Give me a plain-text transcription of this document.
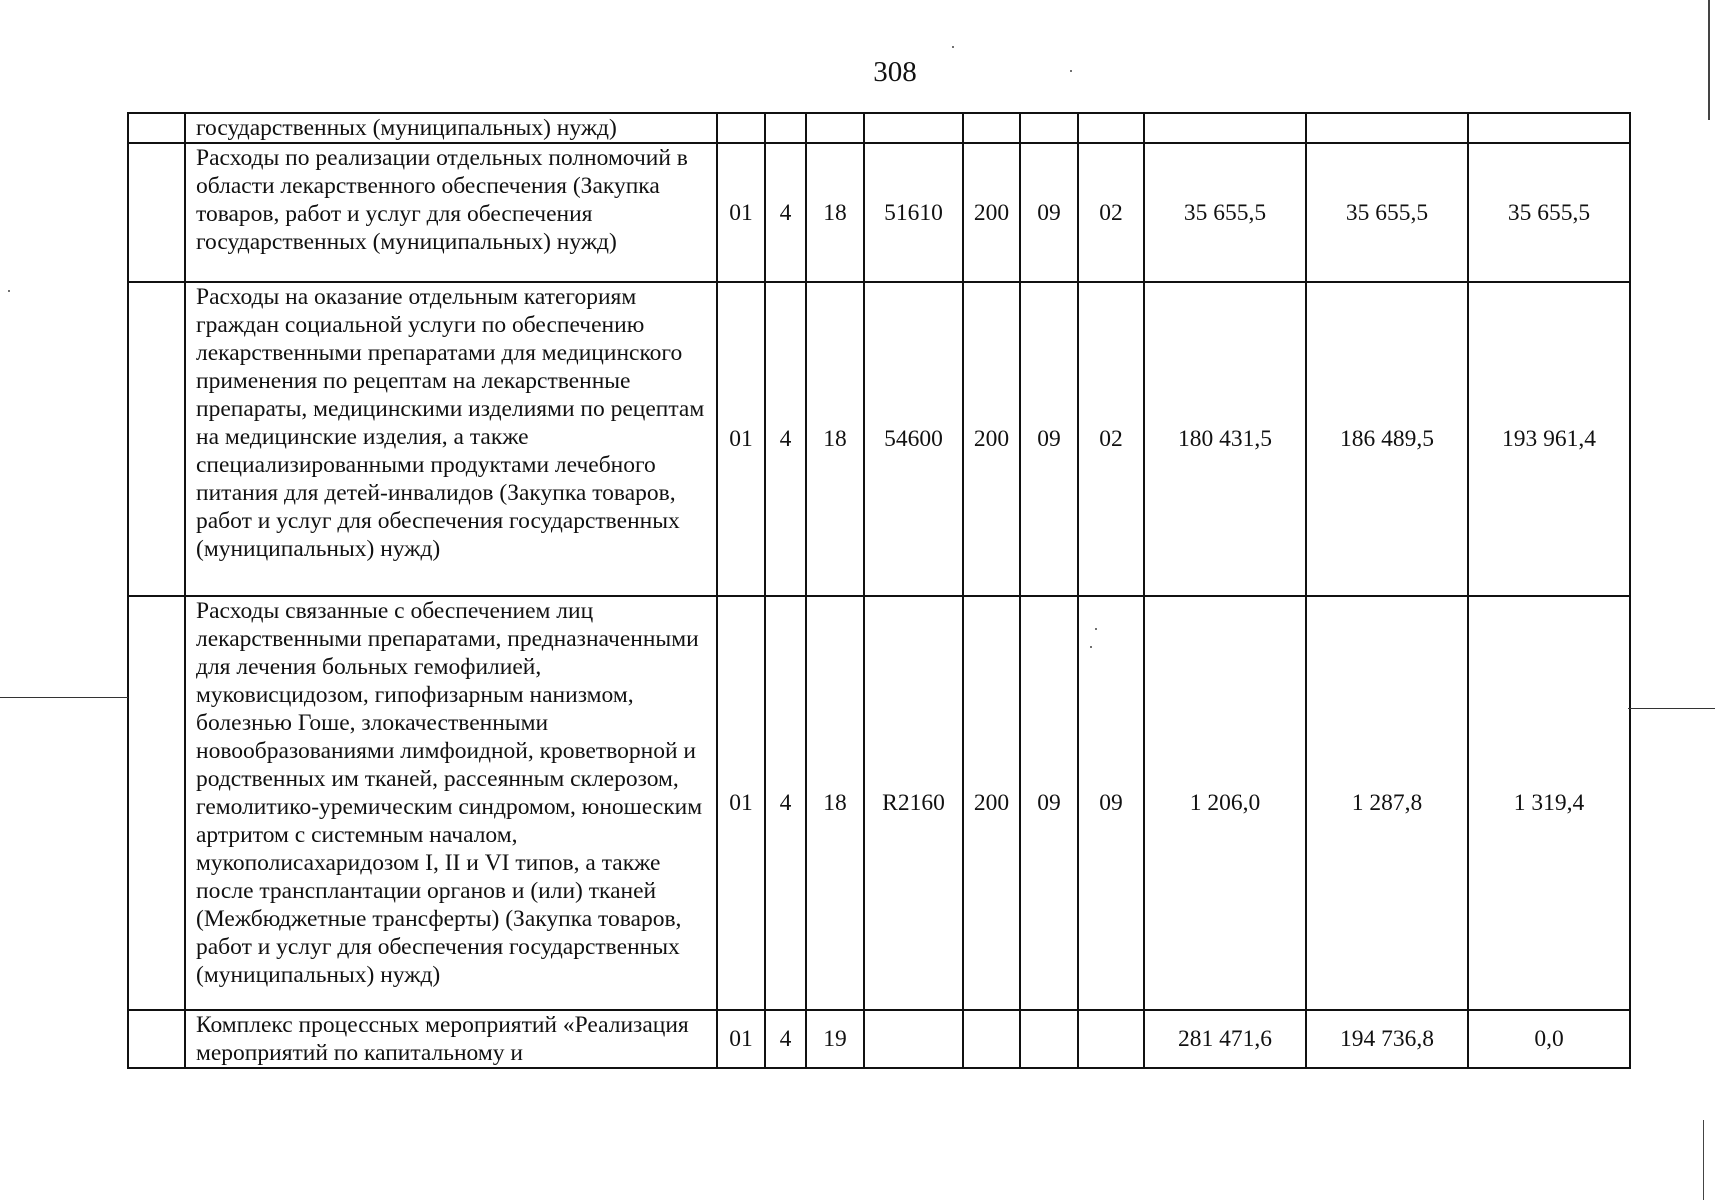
308
	государственных (муниципальных) нужд)										
	Расходы по реализации отдельных полномочий в области лекарственного обеспечения (Закупка товаров, работ и услуг для обеспечения государственных (муниципальных) нужд)	01	4	18	51610	200	09	02	35 655,5	35 655,5	35 655,5
	Расходы на оказание отдельным категориям граждан социальной услуги по обеспечению лекарственными препаратами для медицинского применения по рецептам на лекарственные препараты, медицинскими изделиями по рецептам на медицинские изделия, а также специализированными продуктами лечебного питания для детей-инвалидов (Закупка товаров, работ и услуг для обеспечения государственных (муниципальных) нужд)	01	4	18	54600	200	09	02	180 431,5	186 489,5	193 961,4
	Расходы связанные с обеспечением лиц лекарственными препаратами, предназначенными для лечения больных гемофилией, муковисцидозом, гипофизарным нанизмом, болезнью Гоше, злокачественными новообразованиями лимфоидной, кроветворной и родственных им тканей, рассеянным склерозом, гемолитико-уремическим синдромом, юношеским артритом с системным началом, мукополисахаридозом I, II и VI типов, а также после трансплантации органов и (или) тканей (Межбюджетные трансферты) (Закупка товаров, работ и услуг для обеспечения государственных (муниципальных) нужд)	01	4	18	R2160	200	09	09	1 206,0	1 287,8	1 319,4
	Комплекс процессных мероприятий «Реализация мероприятий по капитальному и	01	4	19					281 471,6	194 736,8	0,0
